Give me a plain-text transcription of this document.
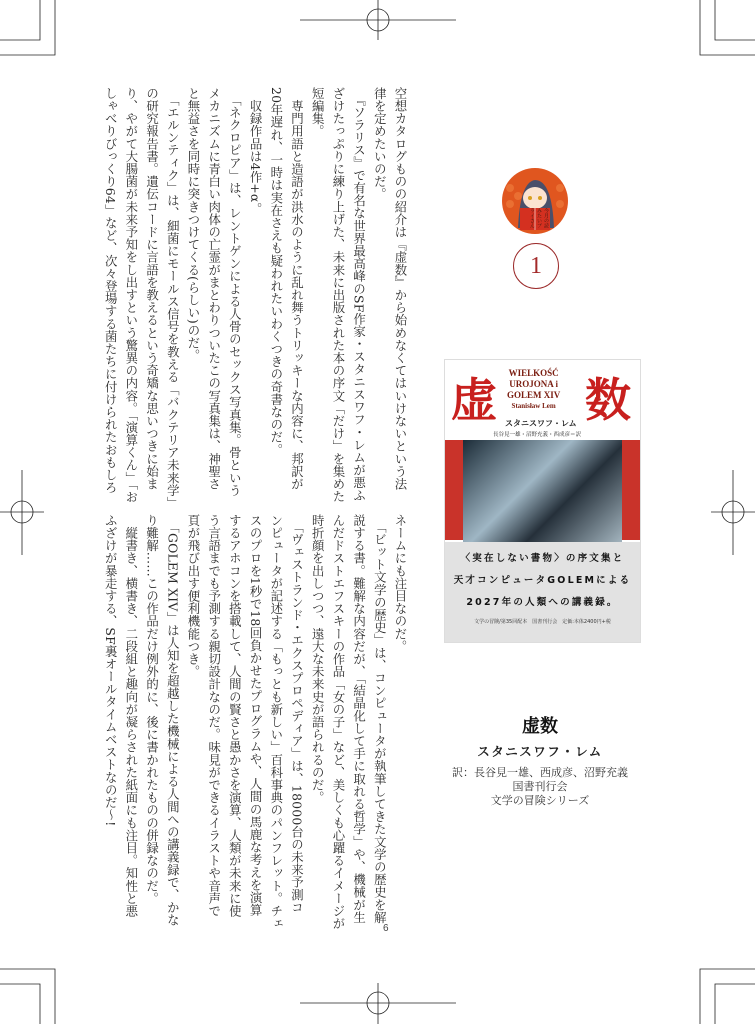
空想カタログものの紹介は『虚数』から始めなくてはいけないという法
律を定めたいのだ。
　『ソラリス』で有名な世界最高峰のSF作家・スタニスワフ・レムが悪ふ
ざけたっぷりに練り上げた、未来に出版された本の序文「だけ」を集めた
短編集。
　専門用語と造語が洪水のように乱れ舞うトリッキーな内容に、邦訳が
20年遅れ、一時は実在さえも疑われたいわくつきの奇書なのだ。
　収録作品は4作+α。
　「ネクロピア」は、レントゲンによる人骨のセックス写真集。骨という
メカニズムに青白い肉体の亡霊がまとわりついたこの写真集は、神聖さ
と無益さを同時に突きつけてくる(らしい)のだ。
　「エルンティク」は、細菌にモールス信号を教える「バクテリア未来学」
の研究報告書。遺伝コードに言語を教えるという奇矯な思いつきに始ま
り、やがて大腸菌が未来予知をし出すという驚異の内容。「演算くん」「お
しゃべりびっくり64」など、次々登場する菌たちに付けられたおもしろ
ネームにも注目なのだ。
　「ビット文学の歴史」は、コンピュータが執筆してきた文学の歴史を解
説する書。難解な内容だが、「結晶化して手に取れる哲学」や、機械が生
んだドストエフスキーの作品「女の子」など、美しくも心躍るイメージが
時折顔を出しつつ、遠大な未来史が語られるのだ。
　「ヴェストランド・エクスプロペディア」は、18000台の未来予測コ
ンピュータが記述する「もっとも新しい」百科事典のパンフレット。チェ
スのプロを1秒で18回負かせたプログラムや、人間の馬鹿な考えを演算
するアホコンを搭載して、人間の賢さと愚かさを演算、人類が未来に使
う言語までも予測する親切設計なのだ。味見ができるイラストや音声で
頁が飛び出す便利機能つき。
　「GOLEM XIV」は人知を超越した機械による人間への講義録で、かな
り難解……この作品だけ例外的に、後に書かれたものの併録なのだ。
　縦書き、横書き、二段組と趣向が凝らされた紙面にも注目。知性と悪
ふざけが暴走する、SF裏オールタイムベストなのだ〜!
今月の読みたいブライさん
1
虚 数
WIELKOŚĆ
UROJONA i
GOLEM XIV
Stanisław Lem
スタニスワフ・レム
長谷見一雄・沼野充義・西成彦＝訳
〈実在しない書物〉の序文集と
天才コンピュータGOLEMによる
2027年の人類への講義録。
文学の冒険/第35回配本　国書刊行会　定価:本体2400円+税
虚数
スタニスワフ・レム
訳：長谷見一雄、西成彦、沼野充義
国書刊行会
文学の冒険シリーズ
6
